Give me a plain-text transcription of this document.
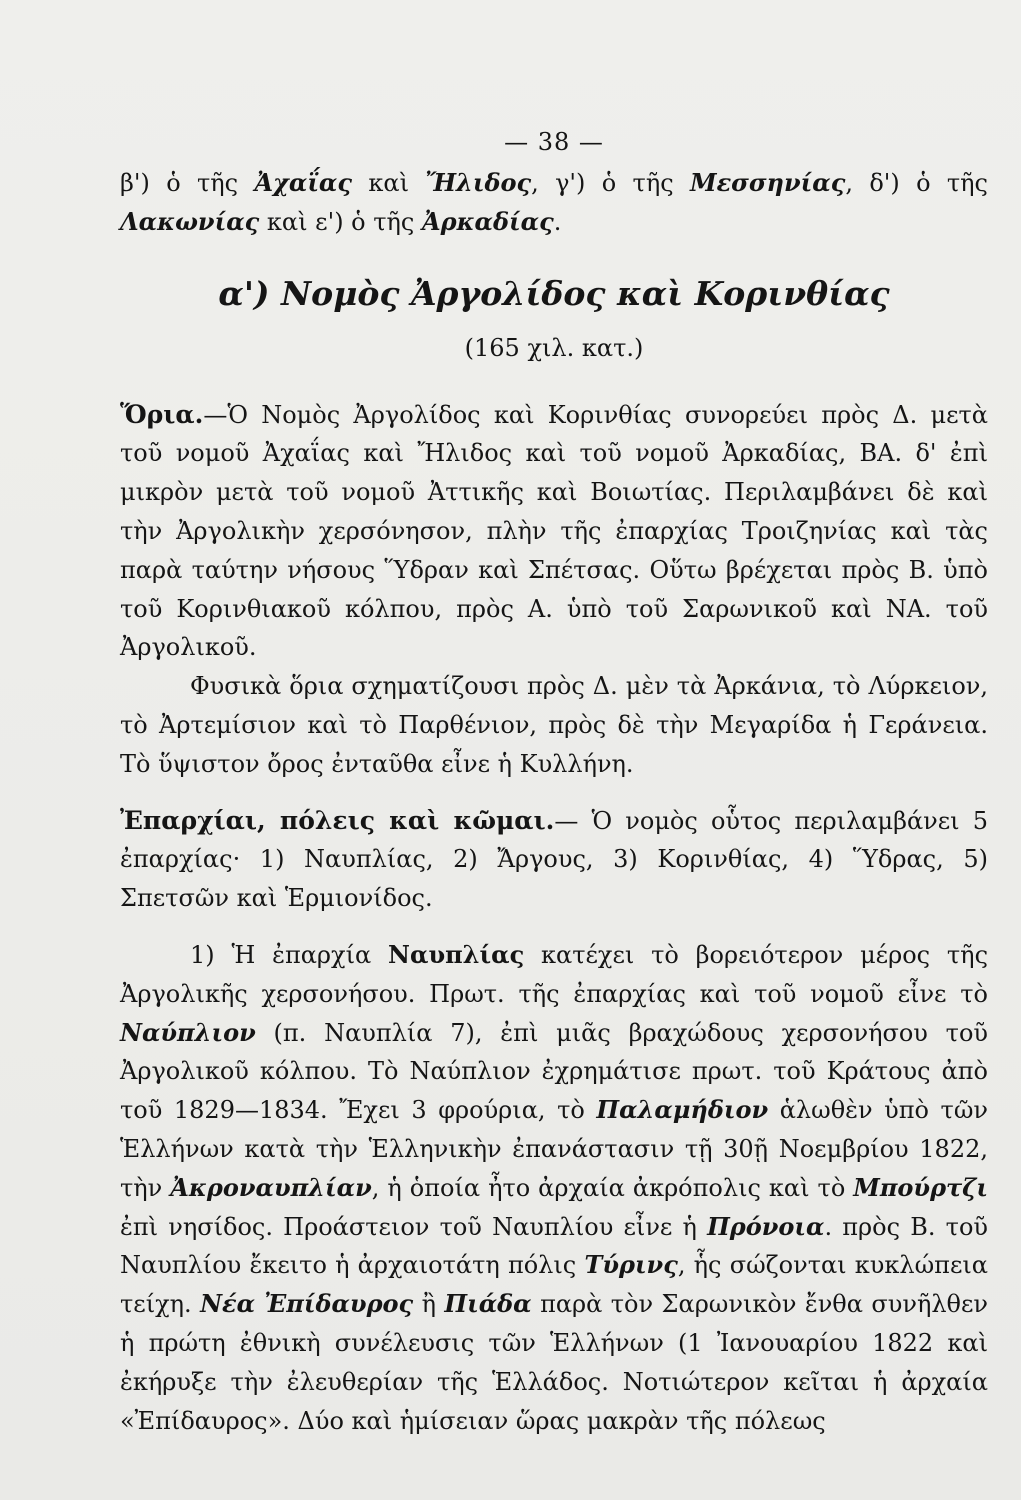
— 38 —

β') ὁ τῆς Ἀχαΐας καὶ Ἤλιδος, γ') ὁ τῆς Μεσσηνίας, δ') ὁ τῆς Λακωνίας καὶ ε') ὁ τῆς Ἀρκαδίας.

α') Νομὸς Ἀργολίδος καὶ Κορινθίας
(165 χιλ. κατ.)

Ὅρια.—Ὁ Νομὸς Ἀργολίδος καὶ Κορινθίας συνορεύει πρὸς Δ. μετὰ τοῦ νομοῦ Ἀχαΐας καὶ Ἤλιδος καὶ τοῦ νομοῦ Ἀρκαδίας, ΒΑ. δ' ἐπὶ μικρὸν μετὰ τοῦ νομοῦ Ἀττικῆς καὶ Βοιωτίας. Περιλαμβάνει δὲ καὶ τὴν Ἀργολικὴν χερσόνησον, πλὴν τῆς ἐπαρχίας Τροιζηνίας καὶ τὰς παρὰ ταύτην νήσους Ὕδραν καὶ Σπέτσας. Οὕτω βρέχεται πρὸς Β. ὑπὸ τοῦ Κορινθιακοῦ κόλπου, πρὸς Α. ὑπὸ τοῦ Σαρωνικοῦ καὶ ΝΑ. τοῦ Ἀργολικοῦ.

Φυσικὰ ὅρια σχηματίζουσι πρὸς Δ. μὲν τὰ Ἀρκάνια, τὸ Λύρκειον, τὸ Ἀρτεμίσιον καὶ τὸ Παρθένιον, πρὸς δὲ τὴν Μεγαρίδα ἡ Γεράνεια. Τὸ ὕψιστον ὄρος ἐνταῦθα εἶνε ἡ Κυλλήνη.

Ἐπαρχίαι, πόλεις καὶ κῶμαι.— Ὁ νομὸς οὗτος περιλαμβάνει 5 ἐπαρχίας· 1) Ναυπλίας, 2) Ἄργους, 3) Κορινθίας, 4) Ὕδρας, 5) Σπετσῶν καὶ Ἑρμιονίδος.

1) Ἡ ἐπαρχία Ναυπλίας κατέχει τὸ βορειότερον μέρος τῆς Ἀργολικῆς χερσονήσου. Πρωτ. τῆς ἐπαρχίας καὶ τοῦ νομοῦ εἶνε τὸ Ναύπλιον (π. Ναυπλία 7), ἐπὶ μιᾶς βραχώδους χερσονήσου τοῦ Ἀργολικοῦ κόλπου. Τὸ Ναύπλιον ἐχρημάτισε πρωτ. τοῦ Κράτους ἀπὸ τοῦ 1829—1834. Ἔχει 3 φρούρια, τὸ Παλαμήδιον ἁλωθὲν ὑπὸ τῶν Ἑλλήνων κατὰ τὴν Ἑλληνικὴν ἐπανάστασιν τῇ 30ῇ Νοεμβρίου 1822, τὴν Ἀκροναυπλίαν, ἡ ὁποία ἦτο ἀρχαία ἀκρόπολις καὶ τὸ Μπούρτζι ἐπὶ νησίδος. Προάστειον τοῦ Ναυπλίου εἶνε ἡ Πρόνοια. πρὸς Β. τοῦ Ναυπλίου ἔκειτο ἡ ἀρχαιοτάτη πόλις Τύρινς, ἧς σώζονται κυκλώπεια τείχη. Νέα Ἐπίδαυρος ἢ Πιάδα παρὰ τὸν Σαρωνικὸν ἔνθα συνῆλθεν ἡ πρώτη ἐθνικὴ συνέλευσις τῶν Ἑλλήνων (1 Ἰανουαρίου 1822 καὶ ἐκήρυξε τὴν ἐλευθερίαν τῆς Ἑλλάδος. Νοτιώτερον κεῖται ἡ ἀρχαία «Ἐπίδαυρος». Δύο καὶ ἡμίσειαν ὥρας μακρὰν τῆς πόλεως
